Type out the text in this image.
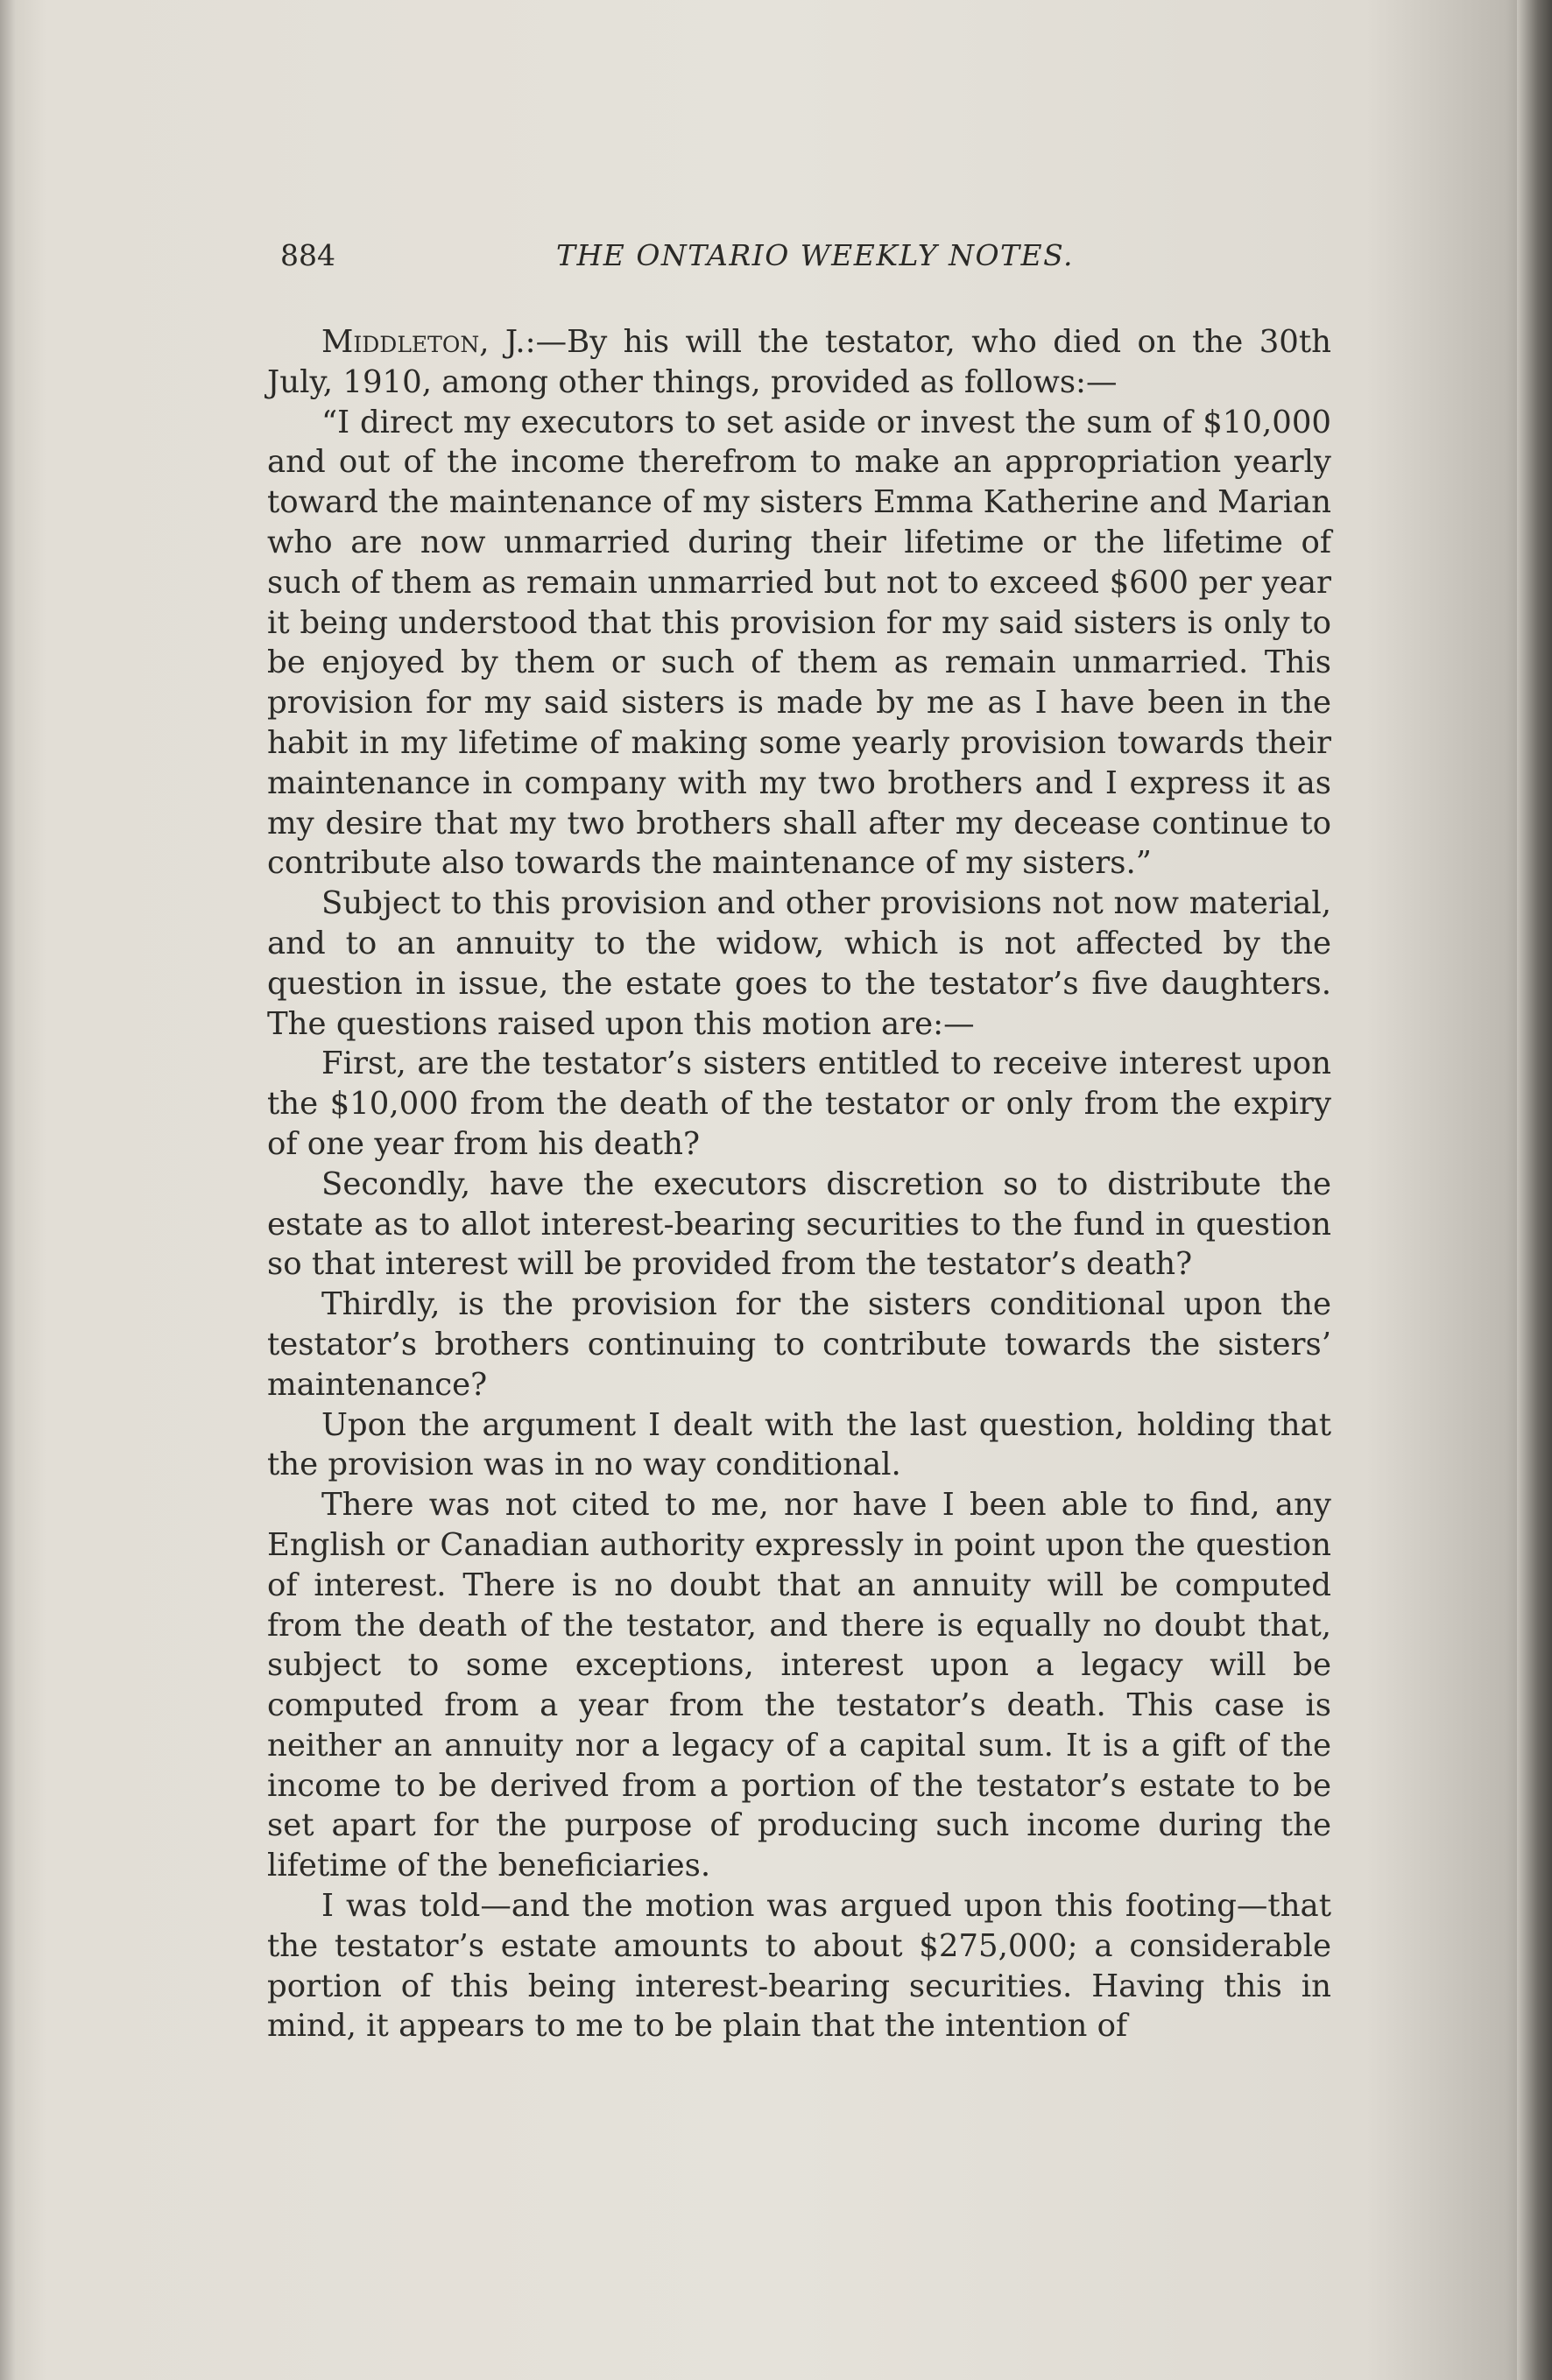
884	THE ONTARIO WEEKLY NOTES.

Middleton, J.:—By his will the testator, who died on the 30th July, 1910, among other things, provided as follows:—

“I direct my executors to set aside or invest the sum of $10,000 and out of the income therefrom to make an appropriation yearly toward the maintenance of my sisters Emma Katherine and Marian who are now unmarried during their lifetime or the lifetime of such of them as remain unmarried but not to exceed $600 per year it being understood that this provision for my said sisters is only to be enjoyed by them or such of them as remain unmarried. This provision for my said sisters is made by me as I have been in the habit in my lifetime of making some yearly provision towards their maintenance in company with my two brothers and I express it as my desire that my two brothers shall after my decease continue to contribute also towards the maintenance of my sisters.”

Subject to this provision and other provisions not now material, and to an annuity to the widow, which is not affected by the question in issue, the estate goes to the testator’s five daughters. The questions raised upon this motion are:—

First, are the testator’s sisters entitled to receive interest upon the $10,000 from the death of the testator or only from the expiry of one year from his death?

Secondly, have the executors discretion so to distribute the estate as to allot interest-bearing securities to the fund in question so that interest will be provided from the testator’s death?

Thirdly, is the provision for the sisters conditional upon the testator’s brothers continuing to contribute towards the sisters’ maintenance?

Upon the argument I dealt with the last question, holding that the provision was in no way conditional.

There was not cited to me, nor have I been able to find, any English or Canadian authority expressly in point upon the question of interest. There is no doubt that an annuity will be computed from the death of the testator, and there is equally no doubt that, subject to some exceptions, interest upon a legacy will be computed from a year from the testator’s death. This case is neither an annuity nor a legacy of a capital sum. It is a gift of the income to be derived from a portion of the testator’s estate to be set apart for the purpose of producing such income during the lifetime of the beneficiaries.

I was told—and the motion was argued upon this footing—that the testator’s estate amounts to about $275,000; a considerable portion of this being interest-bearing securities. Having this in mind, it appears to me to be plain that the intention of
